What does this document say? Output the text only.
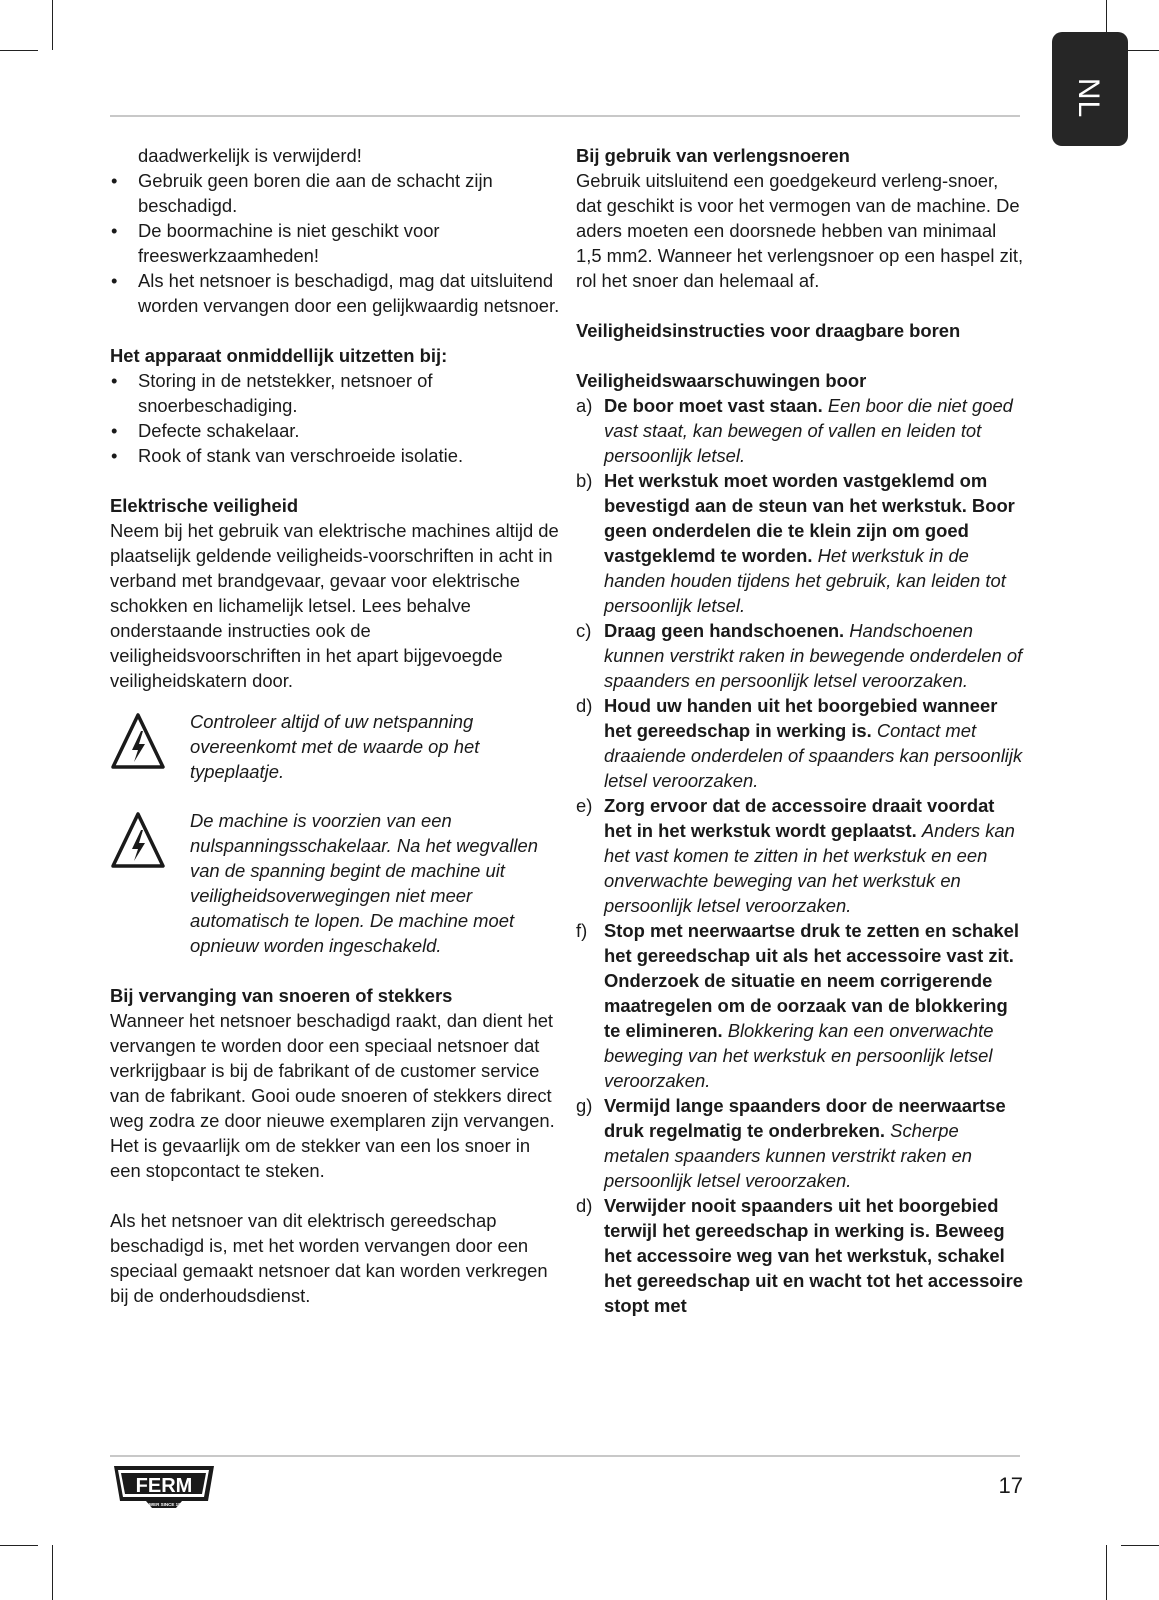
NL

daadwerkelijk is verwijderd!

• Gebruik geen boren die aan de schacht zijn beschadigd.

• De boormachine is niet geschikt voor freeswerkzaamheden!

• Als het netsnoer is beschadigd, mag dat uitsluitend worden vervangen door een gelijkwaardig netsnoer.

Het apparaat onmiddellijk uitzetten bij:

• Storing in de netstekker, netsnoer of snoerbeschadiging.

• Defecte schakelaar.

• Rook of stank van verschroeide isolatie.

Elektrische veiligheid

Neem bij het gebruik van elektrische machines altijd de plaatselijk geldende veiligheids-voorschriften in acht in verband met brandgevaar, gevaar voor elektrische schokken en lichamelijk letsel. Lees behalve onderstaande instructies ook de veiligheidsvoorschriften in het apart bijgevoegde veiligheidskatern door.

Controleer altijd of uw netspanning overeenkomt met de waarde op het typeplaatje.

De machine is voorzien van een nulspanningsschakelaar. Na het wegvallen van de spanning begint de machine uit veiligheidsoverwegingen niet meer automatisch te lopen. De machine moet opnieuw worden ingeschakeld.

Bij vervanging van snoeren of stekkers

Wanneer het netsnoer beschadigd raakt, dan dient het vervangen te worden door een speciaal netsnoer dat verkrijgbaar is bij de fabrikant of de customer service van de fabrikant. Gooi oude snoeren of stekkers direct weg zodra ze door nieuwe exemplaren zijn vervangen. Het is gevaarlijk om de stekker van een los snoer in een stopcontact te steken.

Als het netsnoer van dit elektrisch gereedschap beschadigd is, met het worden vervangen door een speciaal gemaakt netsnoer dat kan worden verkregen bij de onderhoudsdienst.

Bij gebruik van verlengsnoeren

Gebruik uitsluitend een goedgekeurd verleng-snoer, dat geschikt is voor het vermogen van de machine. De aders moeten een doorsnede hebben van minimaal 1,5 mm2. Wanneer het verlengsnoer op een haspel zit, rol het snoer dan helemaal af.

Veiligheidsinstructies voor draagbare boren

Veiligheidswaarschuwingen boor

a) De boor moet vast staan. Een boor die niet goed vast staat, kan bewegen of vallen en leiden tot persoonlijk letsel.
b) Het werkstuk moet worden vastgeklemd om bevestigd aan de steun van het werkstuk. Boor geen onderdelen die te klein zijn om goed vastgeklemd te worden. Het werkstuk in de handen houden tijdens het gebruik, kan leiden tot persoonlijk letsel.
c) Draag geen handschoenen. Handschoenen kunnen verstrikt raken in bewegende onderdelen of spaanders en persoonlijk letsel veroorzaken.
d) Houd uw handen uit het boorgebied wanneer het gereedschap in werking is. Contact met draaiende onderdelen of spaanders kan persoonlijk letsel veroorzaken.
e) Zorg ervoor dat de accessoire draait voordat het in het werkstuk wordt geplaatst. Anders kan het vast komen te zitten in het werkstuk en een onverwachte beweging van het werkstuk en persoonlijk letsel veroorzaken.
f) Stop met neerwaartse druk te zetten en schakel het gereedschap uit als het accessoire vast zit. Onderzoek de situatie en neem corrigerende maatregelen om de oorzaak van de blokkering te elimineren. Blokkering kan een onverwachte beweging van het werkstuk en persoonlijk letsel veroorzaken.
g) Vermijd lange spaanders door de neerwaartse druk regelmatig te onderbreken. Scherpe metalen spaanders kunnen verstrikt raken en persoonlijk letsel veroorzaken.
d) Verwijder nooit spaanders uit het boorgebied terwijl het gereedschap in werking is. Beweeg het accessoire weg van het werkstuk, schakel het gereedschap uit en wacht tot het accessoire stopt met
FERM
POWER SINCE 1965
17
